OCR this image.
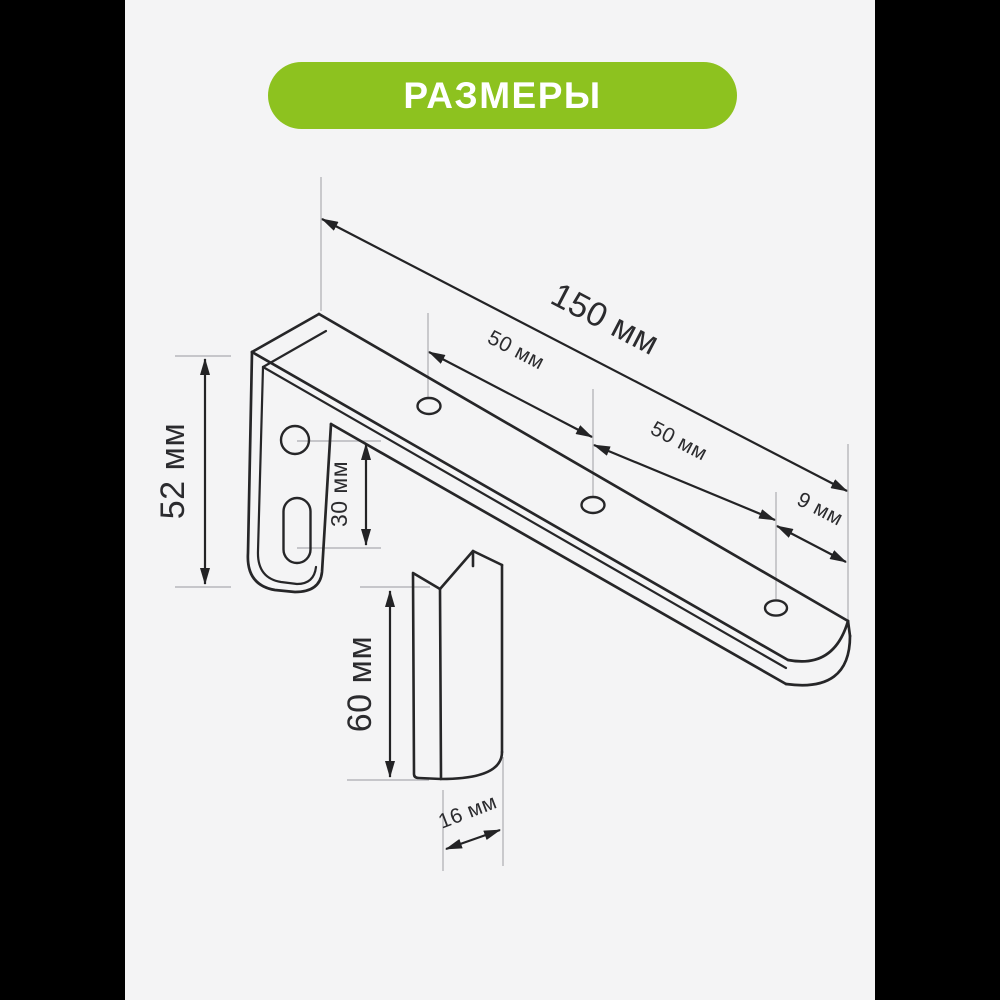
РАЗМЕРЫ
150 мм
50 мм
50 мм
9 мм
52 мм	30 мм
60 мм
16 мм
